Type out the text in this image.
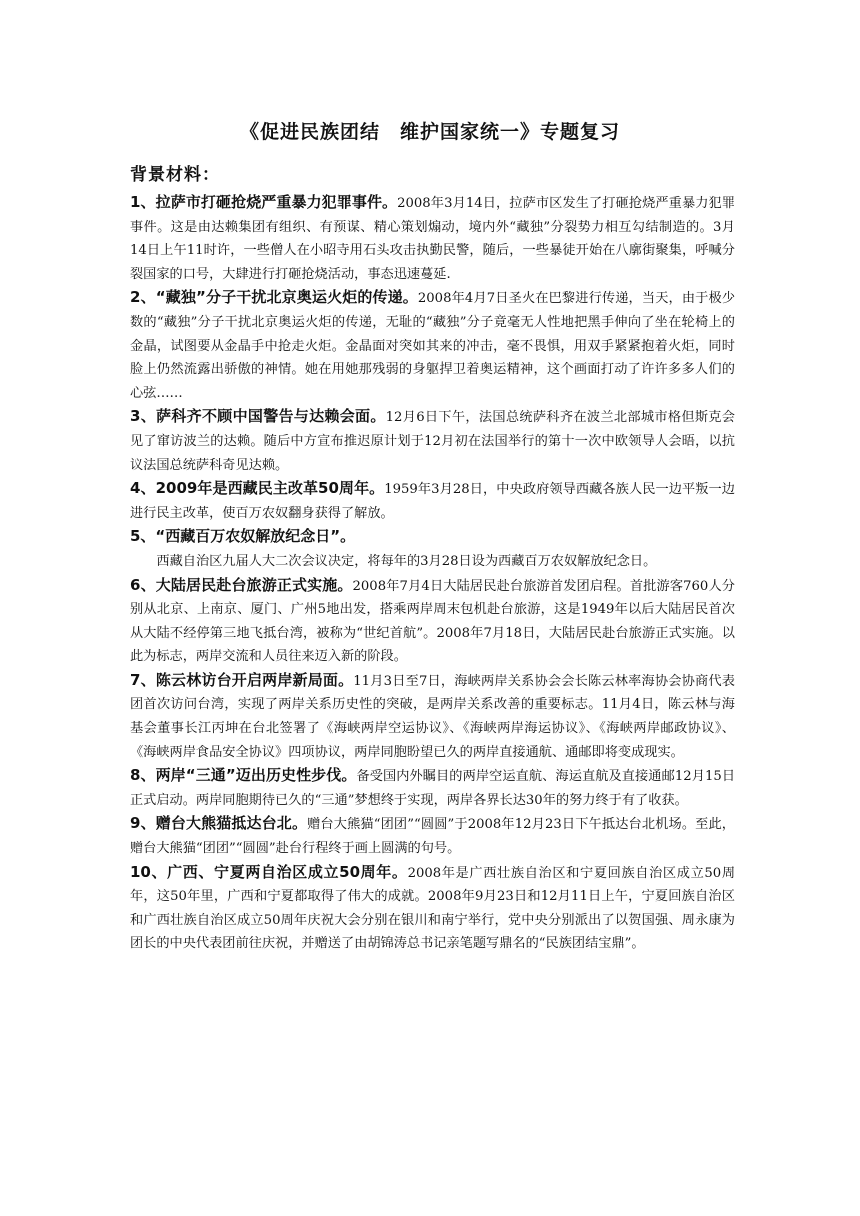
《促进民族团结　维护国家统一》专题复习
背景材料：

1、拉萨市打砸抢烧严重暴力犯罪事件。2008年3月14日，拉萨市区发生了打砸抢烧严重暴力犯罪事件。这是由达赖集团有组织、有预谋、精心策划煽动，境内外“藏独”分裂势力相互勾结制造的。3月14日上午11时许，一些僧人在小昭寺用石头攻击执勤民警，随后，一些暴徒开始在八廓街聚集，呼喊分裂国家的口号，大肆进行打砸抢烧活动，事态迅速蔓延.

2、“藏独”分子干扰北京奥运火炬的传递。2008年4月7日圣火在巴黎进行传递，当天，由于极少数的“藏独”分子干扰北京奥运火炬的传递，无耻的“藏独”分子竟毫无人性地把黑手伸向了坐在轮椅上的金晶，试图要从金晶手中抢走火炬。金晶面对突如其来的冲击，毫不畏惧，用双手紧紧抱着火炬，同时脸上仍然流露出骄傲的神情。她在用她那残弱的身躯捍卫着奥运精神，这个画面打动了许许多多人们的心弦……

3、萨科齐不顾中国警告与达赖会面。12月6日下午，法国总统萨科齐在波兰北部城市格但斯克会见了窜访波兰的达赖。随后中方宣布推迟原计划于12月初在法国举行的第十一次中欧领导人会晤，以抗议法国总统萨科奇见达赖。

4、2009年是西藏民主改革50周年。1959年3月28日，中央政府领导西藏各族人民一边平叛一边进行民主改革，使百万农奴翻身获得了解放。

5、“西藏百万农奴解放纪念日”。

西藏自治区九届人大二次会议决定，将每年的3月28日设为西藏百万农奴解放纪念日。

6、大陆居民赴台旅游正式实施。2008年7月4日大陆居民赴台旅游首发团启程。首批游客760人分别从北京、上南京、厦门、广州5地出发，搭乘两岸周末包机赴台旅游，这是1949年以后大陆居民首次从大陆不经停第三地飞抵台湾，被称为“世纪首航”。2008年7月18日，大陆居民赴台旅游正式实施。以此为标志，两岸交流和人员往来迈入新的阶段。

7、陈云林访台开启两岸新局面。11月3日至7日，海峡两岸关系协会会长陈云林率海协会协商代表团首次访问台湾，实现了两岸关系历史性的突破，是两岸关系改善的重要标志。11月4日，陈云林与海基会董事长江丙坤在台北签署了《海峡两岸空运协议》、《海峡两岸海运协议》、《海峡两岸邮政协议》、《海峡两岸食品安全协议》四项协议，两岸同胞盼望已久的两岸直接通航、通邮即将变成现实。

8、两岸“三通”迈出历史性步伐。备受国内外瞩目的两岸空运直航、海运直航及直接通邮12月15日正式启动。两岸同胞期待已久的“三通”梦想终于实现，两岸各界长达30年的努力终于有了收获。

9、赠台大熊猫抵达台北。赠台大熊猫“团团”“圆圆”于2008年12月23日下午抵达台北机场。至此，赠台大熊猫“团团”“圆圆”赴台行程终于画上圆满的句号。

10、广西、宁夏两自治区成立50周年。2008年是广西壮族自治区和宁夏回族自治区成立50周年，这50年里，广西和宁夏都取得了伟大的成就。2008年9月23日和12月11日上午，宁夏回族自治区和广西壮族自治区成立50周年庆祝大会分别在银川和南宁举行，党中央分别派出了以贺国强、周永康为团长的中央代表团前往庆祝，并赠送了由胡锦涛总书记亲笔题写鼎名的“民族团结宝鼎”。
